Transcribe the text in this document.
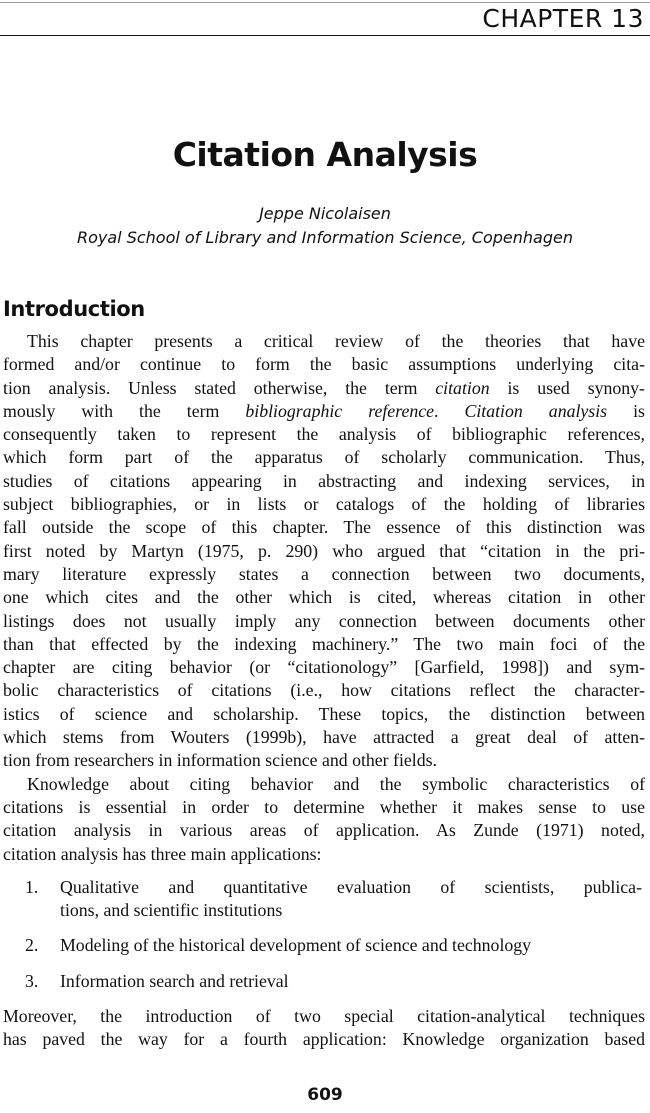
CHAPTER 13
Citation Analysis
Jeppe Nicolaisen
Royal School of Library and Information Science, Copenhagen
Introduction
This chapter presents a critical review of the theories that have
formed and/or continue to form the basic assumptions underlying cita-
tion analysis. Unless stated otherwise, the term citation is used synony-
mously with the term bibliographic reference. Citation analysis is
consequently taken to represent the analysis of bibliographic references,
which form part of the apparatus of scholarly communication. Thus,
studies of citations appearing in abstracting and indexing services, in
subject bibliographies, or in lists or catalogs of the holding of libraries
fall outside the scope of this chapter. The essence of this distinction was
first noted by Martyn (1975, p. 290) who argued that “citation in the pri-
mary literature expressly states a connection between two documents,
one which cites and the other which is cited, whereas citation in other
listings does not usually imply any connection between documents other
than that effected by the indexing machinery.” The two main foci of the
chapter are citing behavior (or “citationology” [Garfield, 1998]) and sym-
bolic characteristics of citations (i.e., how citations reflect the character-
istics of science and scholarship. These topics, the distinction between
which stems from Wouters (1999b), have attracted a great deal of atten-
tion from researchers in information science and other fields.
Knowledge about citing behavior and the symbolic characteristics of
citations is essential in order to determine whether it makes sense to use
citation analysis in various areas of application. As Zunde (1971) noted,
citation analysis has three main applications:
1.	Qualitative and quantitative evaluation of scientists, publica-
tions, and scientific institutions
2.	Modeling of the historical development of science and technology
3.	Information search and retrieval
Moreover, the introduction of two special citation-analytical techniques
has paved the way for a fourth application: Knowledge organization based
609
